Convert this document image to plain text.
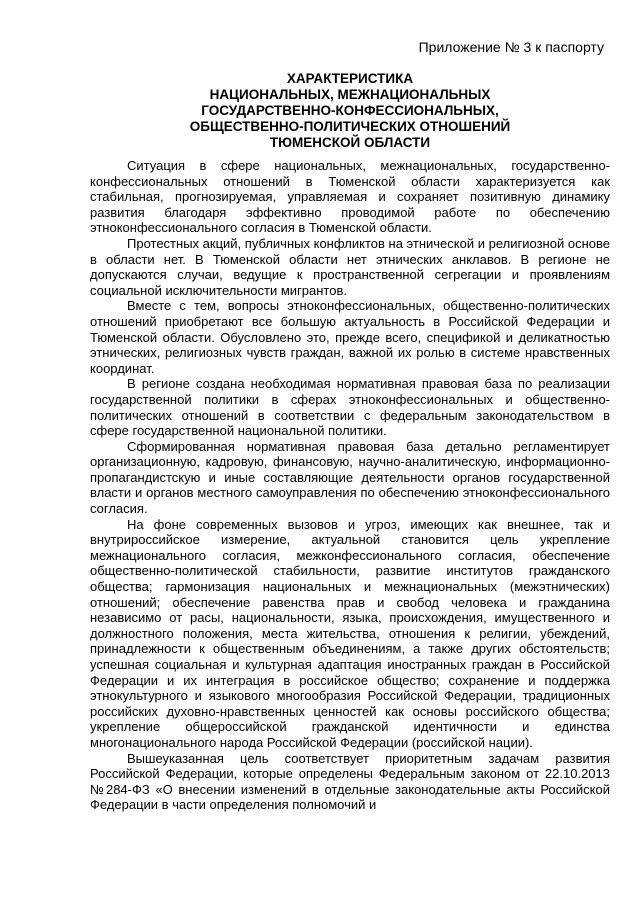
Приложение № 3 к паспорту
ХАРАКТЕРИСТИКА
НАЦИОНАЛЬНЫХ, МЕЖНАЦИОНАЛЬНЫХ
ГОСУДАРСТВЕННО-КОНФЕССИОНАЛЬНЫХ,
ОБЩЕСТВЕННО-ПОЛИТИЧЕСКИХ ОТНОШЕНИЙ
ТЮМЕНСКОЙ ОБЛАСТИ

Ситуация в сфере национальных, межнациональных, государственно-конфессиональных отношений в Тюменской области характеризуется как стабильная, прогнозируемая, управляемая и сохраняет позитивную динамику развития благодаря эффективно проводимой работе по обеспечению этноконфессионального согласия в Тюменской области.

Протестных акций, публичных конфликтов на этнической и религиозной основе в области нет. В Тюменской области нет этнических анклавов. В регионе не допускаются случаи, ведущие к пространственной сегрегации и проявлениям социальной исключительности мигрантов.

Вместе с тем, вопросы этноконфессиональных, общественно-политических отношений приобретают все большую актуальность в Российской Федерации и Тюменской области. Обусловлено это, прежде всего, спецификой и деликатностью этнических, религиозных чувств граждан, важной их ролью в системе нравственных координат.

В регионе создана необходимая нормативная правовая база по реализации государственной политики в сферах этноконфессиональных и общественно-политических отношений в соответствии с федеральным законодательством в сфере государственной национальной политики.

Сформированная нормативная правовая база детально регламентирует организационную, кадровую, финансовую, научно-аналитическую, информационно-пропагандистскую и иные составляющие деятельности органов государственной власти и органов местного самоуправления по обеспечению этноконфессионального согласия.

На фоне современных вызовов и угроз, имеющих как внешнее, так и внутрироссийское измерение, актуальной становится цель укрепление межнационального согласия, межконфессионального согласия, обеспечение общественно-политической стабильности, развитие институтов гражданского общества; гармонизация национальных и межнациональных (межэтнических) отношений; обеспечение равенства прав и свобод человека и гражданина независимо от расы, национальности, языка, происхождения, имущественного и должностного положения, места жительства, отношения к религии, убеждений, принадлежности к общественным объединениям, а также других обстоятельств; успешная социальная и культурная адаптация иностранных граждан в Российской Федерации и их интеграция в российское общество; сохранение и поддержка этнокультурного и языкового многообразия Российской Федерации, традиционных российских духовно-нравственных ценностей как основы российского общества; укрепление общероссийской гражданской идентичности и единства многонационального народа Российской Федерации (российской нации).

Вышеуказанная цель соответствует приоритетным задачам развития Российской Федерации, которые определены Федеральным законом от 22.10.2013 №284-ФЗ «О внесении изменений в отдельные законодательные акты Российской Федерации в части определения полномочий и
